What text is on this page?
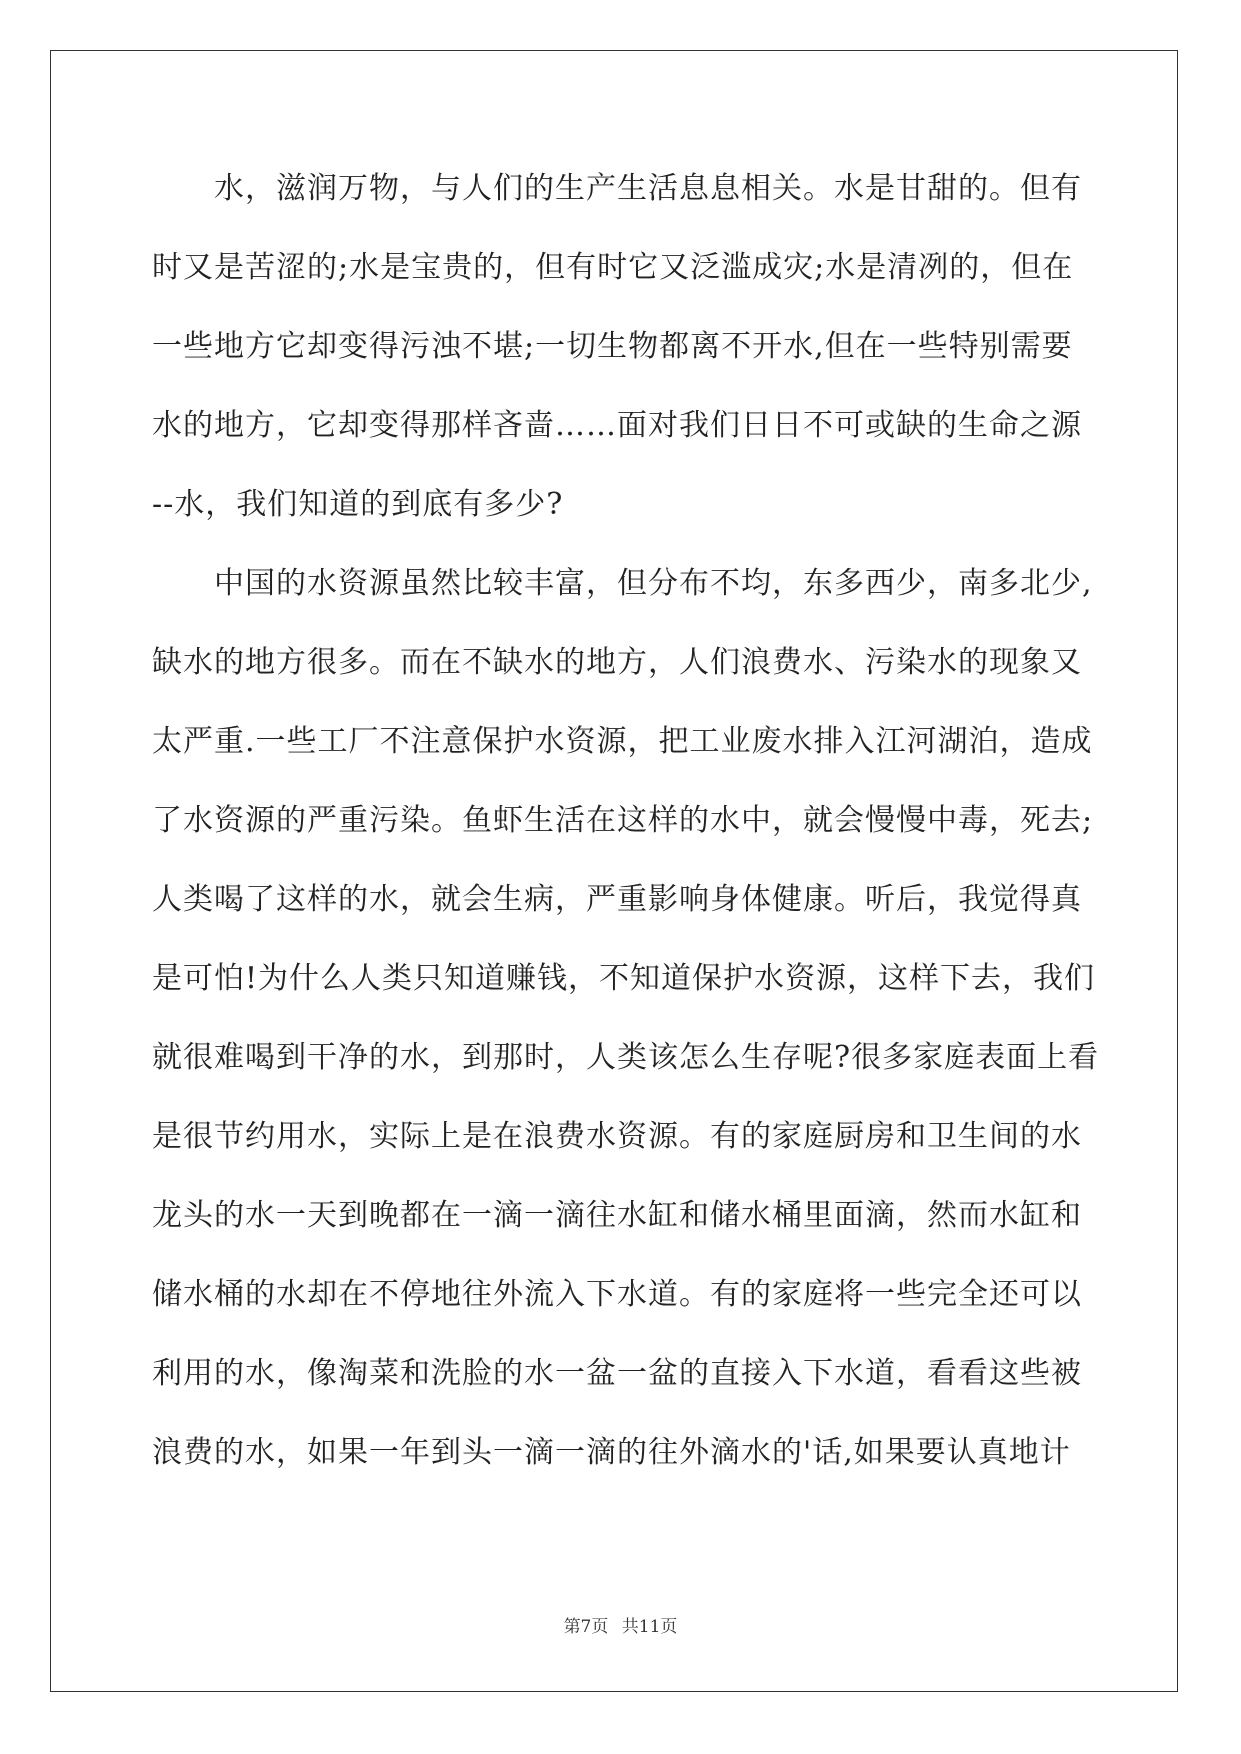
水，滋润万物，与人们的生产生活息息相关。水是甘甜的。但有
时又是苦涩的;水是宝贵的，但有时它又泛滥成灾;水是清冽的，但在
一些地方它却变得污浊不堪;一切生物都离不开水,但在一些特别需要
水的地方，它却变得那样吝啬……面对我们日日不可或缺的生命之源
--水，我们知道的到底有多少?
中国的水资源虽然比较丰富，但分布不均，东多西少，南多北少,
缺水的地方很多。而在不缺水的地方，人们浪费水、污染水的现象又
太严重.一些工厂不注意保护水资源，把工业废水排入江河湖泊，造成
了水资源的严重污染。鱼虾生活在这样的水中，就会慢慢中毒，死去;
人类喝了这样的水，就会生病，严重影响身体健康。听后，我觉得真
是可怕!为什么人类只知道赚钱，不知道保护水资源，这样下去，我们
就很难喝到干净的水，到那时，人类该怎么生存呢?很多家庭表面上看
是很节约用水，实际上是在浪费水资源。有的家庭厨房和卫生间的水
龙头的水一天到晚都在一滴一滴往水缸和储水桶里面滴，然而水缸和
储水桶的水却在不停地往外流入下水道。有的家庭将一些完全还可以
利用的水，像淘菜和洗脸的水一盆一盆的直接入下水道，看看这些被
浪费的水，如果一年到头一滴一滴的往外滴水的'话,如果要认真地计
第7页 共11页
